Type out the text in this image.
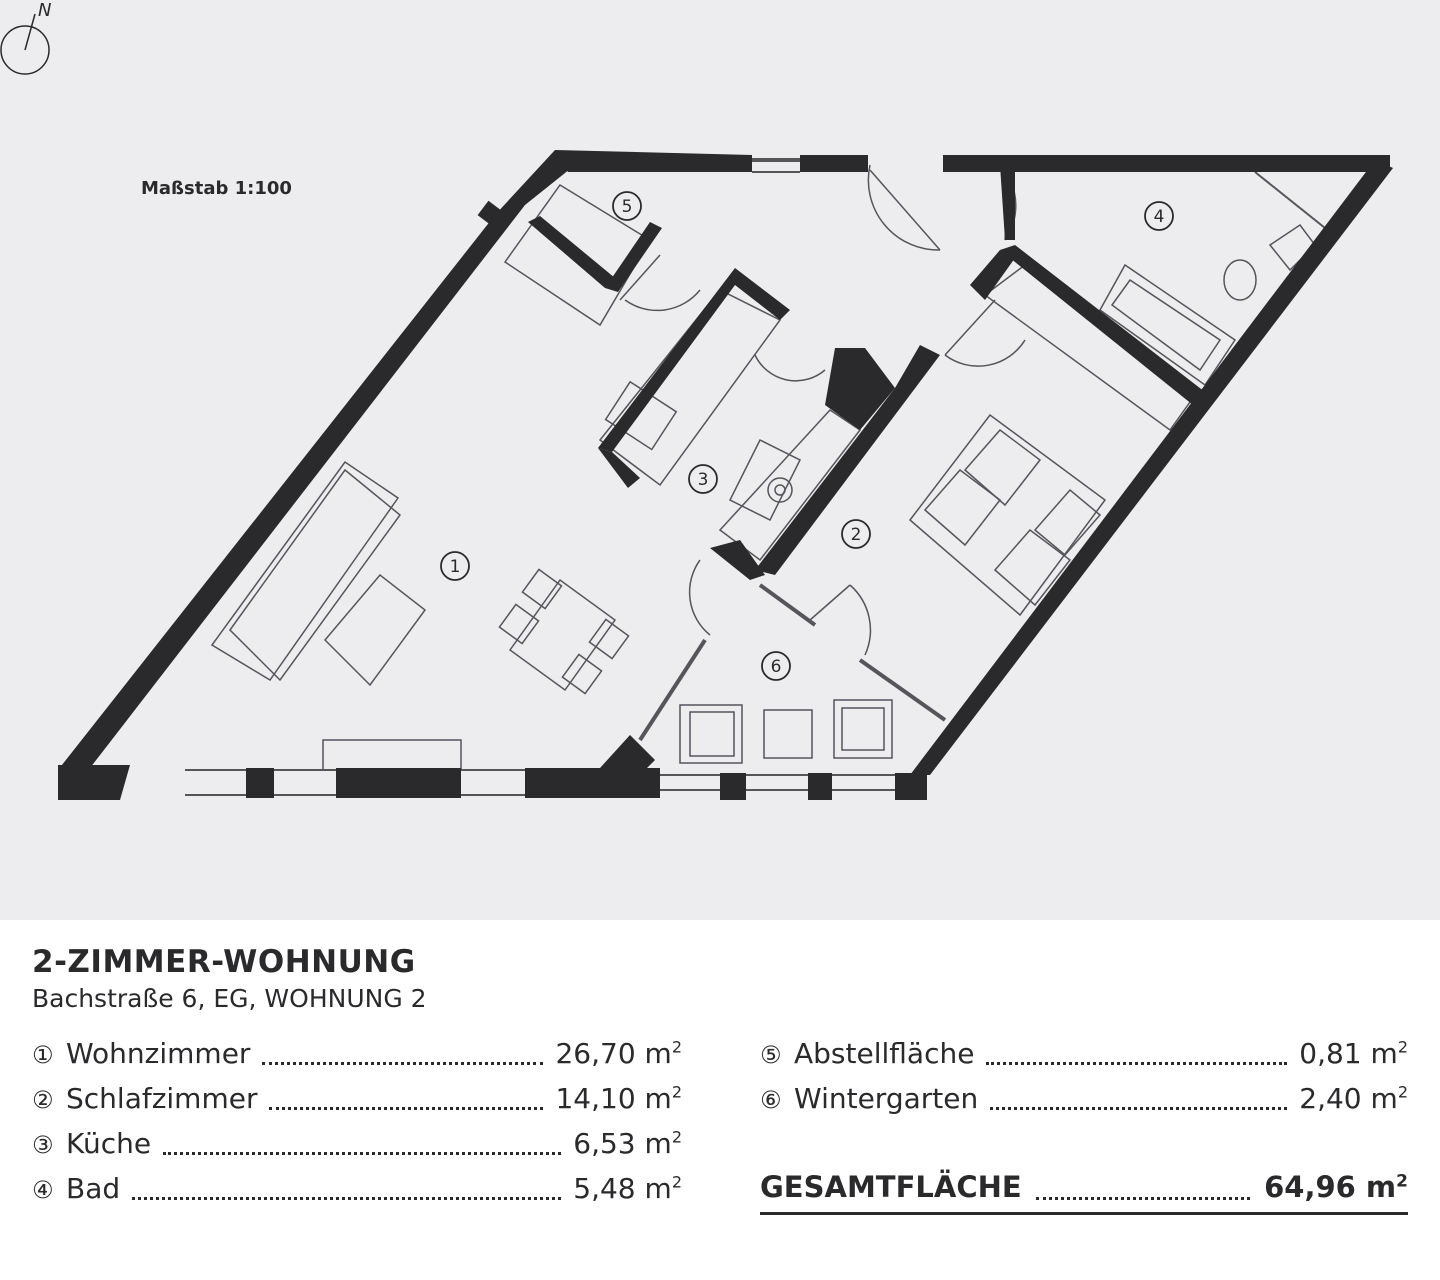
1
2
3
4
5
6
N
Maßstab 1:100
2-ZIMMER-WOHNUNG
Bachstraße 6, EG, WOHNUNG 2
① Wohnzimmer	26,70 $m^2$
② Schlafzimmer	14,10 $m^2$
③ Küche	6,53 $m^2$
④ Bad	5,48 $m^2$
⑤ Abstellfläche	0,81 $m^2$
⑥ Wintergarten	2,40 $m^2$
GESAMTFLÄCHE	64,96 $m^2$
